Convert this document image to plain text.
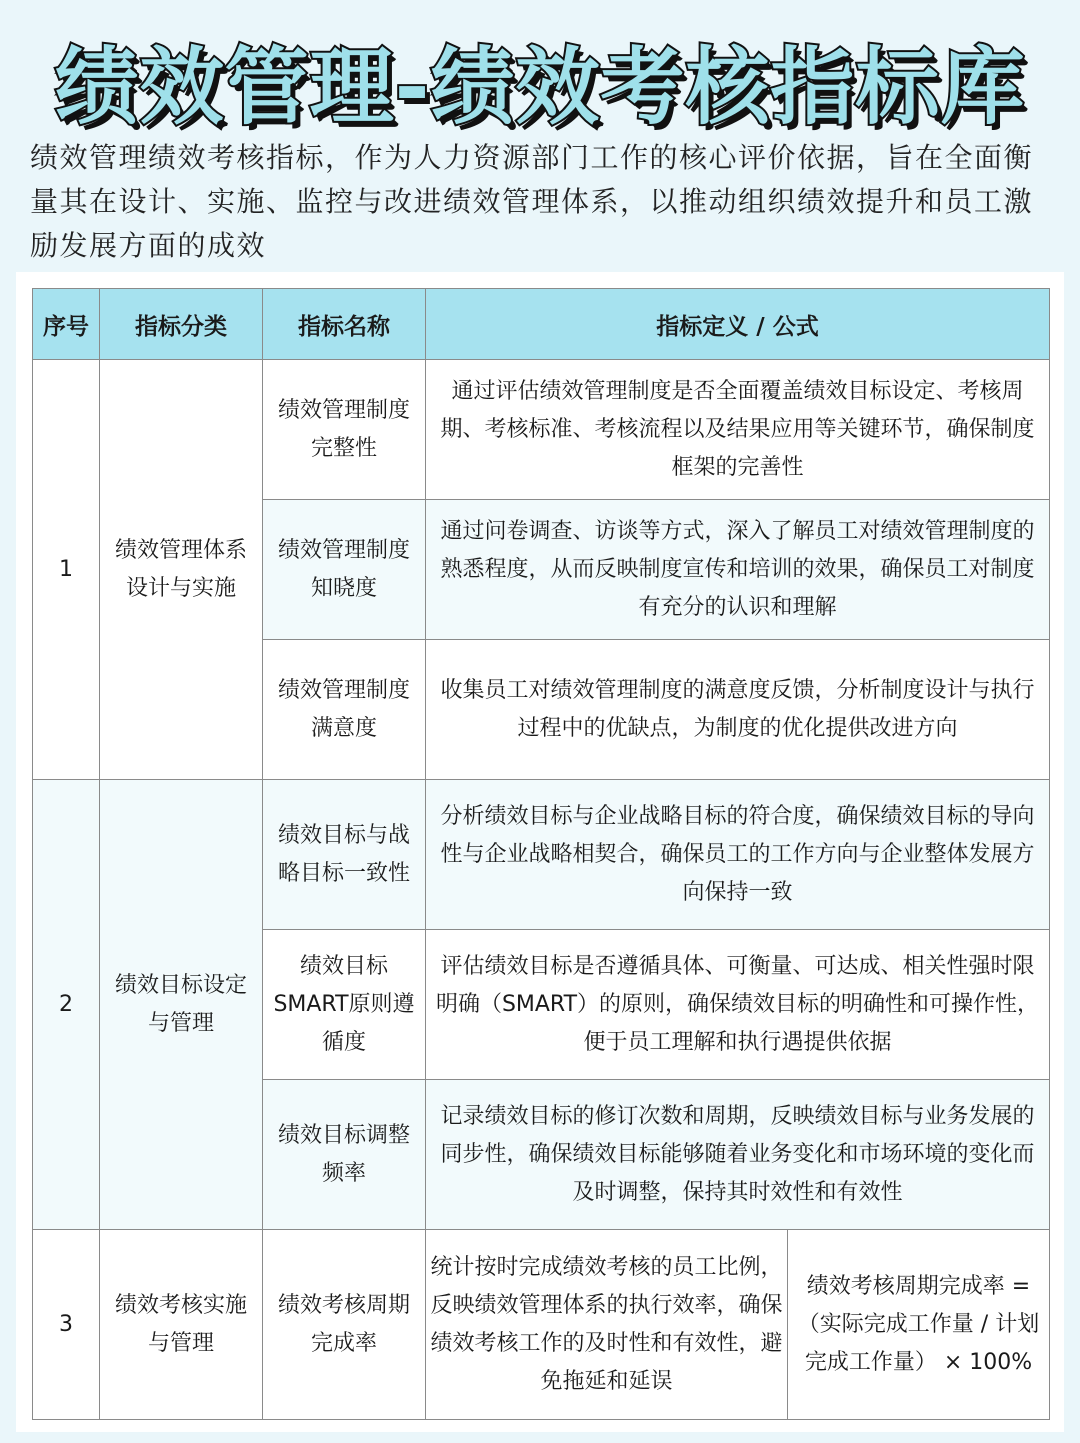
绩效管理-绩效考核指标库
绩效管理绩效考核指标，作为人力资源部门工作的核心评价依据，旨在全面衡量其在设计、实施、监控与改进绩效管理体系，以推动组织绩效提升和员工激励发展方面的成效
序号	指标分类	指标名称	指标定义 / 公式	
1	绩效管理体系设计与实施	绩效管理制度完整性	通过评估绩效管理制度是否全面覆盖绩效目标设定、考核周期、考核标准、考核流程以及结果应用等关键环节，确保制度框架的完善性	
		绩效管理制度知晓度	通过问卷调查、访谈等方式，深入了解员工对绩效管理制度的熟悉程度，从而反映制度宣传和培训的效果，确保员工对制度有充分的认识和理解	
		绩效管理制度满意度	收集员工对绩效管理制度的满意度反馈，分析制度设计与执行过程中的优缺点，为制度的优化提供改进方向	
2	绩效目标设定与管理	绩效目标与战略目标一致性	分析绩效目标与企业战略目标的符合度，确保绩效目标的导向性与企业战略相契合，确保员工的工作方向与企业整体发展方向保持一致	
		绩效目标SMART原则遵循度	评估绩效目标是否遵循具体、可衡量、可达成、相关性强时限明确（SMART）的原则，确保绩效目标的明确性和可操作性，便于员工理解和执行遇提供依据	
		绩效目标调整频率	记录绩效目标的修订次数和周期，反映绩效目标与业务发展的同步性，确保绩效目标能够随着业务变化和市场环境的变化而及时调整，保持其时效性和有效性	
3	绩效考核实施与管理	绩效考核周期完成率	统计按时完成绩效考核的员工比例，反映绩效管理体系的执行效率，确保绩效考核工作的及时性和有效性，避免拖延和延误	绩效考核周期完成率 =（实际完成工作量 / 计划完成工作量） × 100%
